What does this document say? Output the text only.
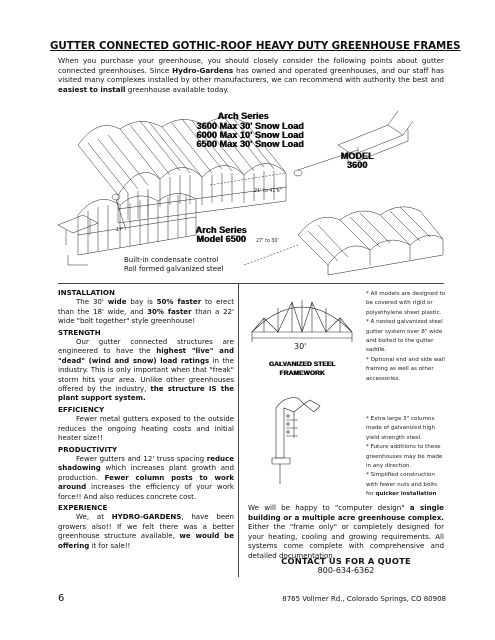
GUTTER CONNECTED GOTHIC-ROOF HEAVY DUTY GREENHOUSE FRAMES
When you purchase your greenhouse, you should closely consider the following points about gutter connected greenhouses. Since Hydro-Gardens has owned and operated greenhouses, and our staff has visited many complexes installed by other manufacturers, we can recommend with authority the best and easiest to install greenhouse available today.
Arch Series
3600 Max 30' Snow Load
6000 Max 10' Snow Load
6500 Max 30' Snow Load
MODEL
3600
21' to 41'6"
17'
27' to 30'
Arch Series
Model 6500
Built-in condensate control
Roll formed galvanized steel
INSTALLATION

The 30' wide bay is 50% faster to erect than the 18' wide, and 30% faster than a 22' wide "bolt together" style greenhouse!

STRENGTH

Our gutter connected structures are engineered to have the highest "live" and "dead" (wind and snow) load ratings in the industry. This is only important when that "freak" storm hits your area. Unlike other greenhouses offered by the industry, the structure IS the plant support system.

EFFICIENCY

Fewer metal gutters exposed to the outside reduces the ongoing heating costs and initial heater size!!

PRODUCTIVITY

Fewer gutters and 12' truss spacing reduce shadowing which increases plant growth and production. Fewer column posts to work around increases the efficiency of your work force!! And also reduces concrete cost.

EXPERIENCE

We, at HYDRO-GARDENS, have been growers also!! If we felt there was a better greenhouse structure available, we would be offering it for sale!!

30'
GALVANIZED STEEL
FRAMEWORK

* All models are designed to be covered with rigid or polyethylene sheet plastic.

* A nested galvanized steel gutter system over 8" wide and bolted to the gutter saddle.

* Optional end and side wall framing as well as other accessories.

* Extra large 3" columns made of galvanized high yield strength steel.

* Future additions to these greenhouses may be made in any direction.

* Simplified construction with fewer nuts and bolts for quicker installation

We will be happy to "computer design" a single building or a multiple acre greenhouse complex. Either the "frame only" or completely designed for your heating, cooling and growing requirements. All systems come complete with comprehensive and detailed documentation.
CONTACT US FOR A QUOTE
800-634-6362
6	8765 Vollmer Rd., Colorado Springs, CO 80908
